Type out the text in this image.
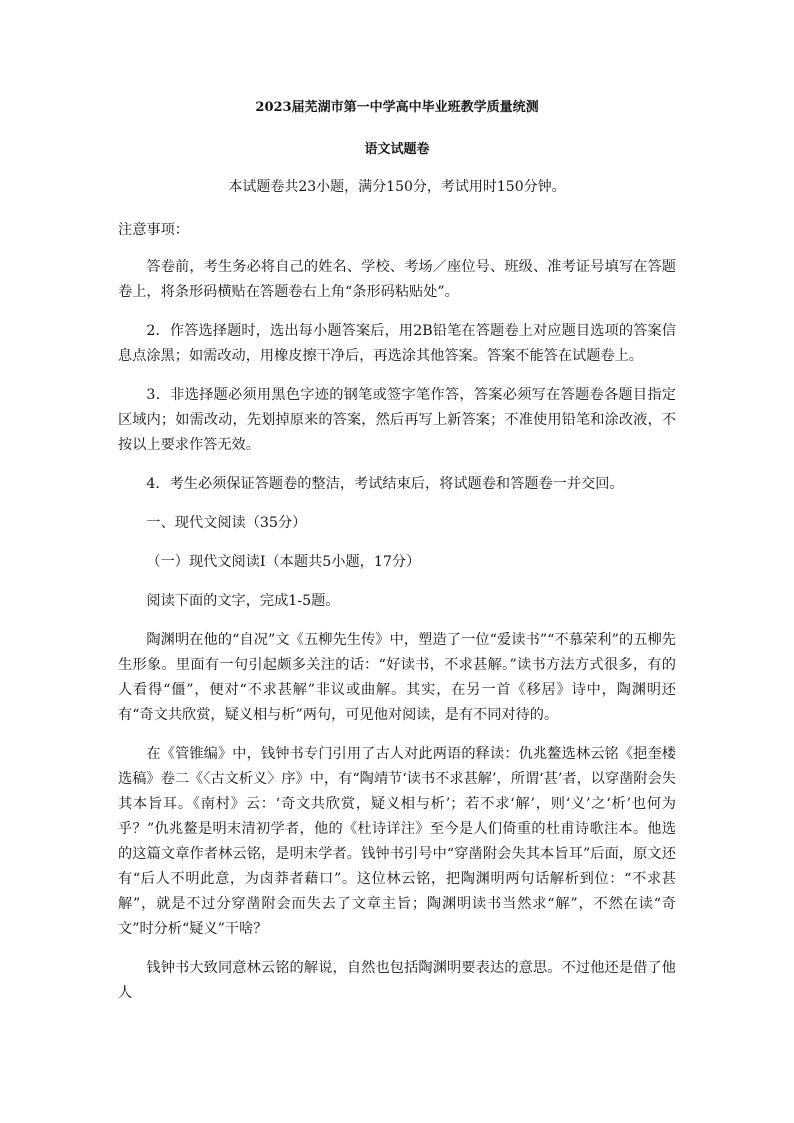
2023届芜湖市第一中学高中毕业班教学质量统测
语文试题卷
本试题卷共23小题，满分150分，考试用时150分钟。

注意事项：

答卷前，考生务必将自己的姓名、学校、考场／座位号、班级、准考证号填写在答题卷上，将条形码横贴在答题卷右上角“条形码粘贴处”。

2．作答选择题时，选出每小题答案后，用2B铅笔在答题卷上对应题目选项的答案信息点涂黑；如需改动，用橡皮擦干净后，再选涂其他答案。答案不能答在试题卷上。

3．非选择题必须用黑色字迹的钢笔或签字笔作答，答案必须写在答题卷各题目指定区域内；如需改动，先划掉原来的答案，然后再写上新答案；不准使用铅笔和涂改液，不按以上要求作答无效。

4．考生必须保证答题卷的整洁，考试结束后，将试题卷和答题卷一并交回。

一、现代文阅读（35分）

（一）现代文阅读I（本题共5小题，17分）

阅读下面的文字，完成1-5题。

陶渊明在他的“自况”文《五柳先生传》中，塑造了一位“爱读书”“不慕荣利”的五柳先生形象。里面有一句引起颇多关注的话：“好读书，不求甚解。”读书方法方式很多，有的人看得“僵”，便对“不求甚解”非议或曲解。其实，在另一首《移居》诗中，陶渊明还有“奇文共欣赏，疑义相与析”两句，可见他对阅读，是有不同对待的。

在《管锥编》中，钱钟书专门引用了古人对此两语的释读：仇兆鳌选林云铭《挹奎楼选稿》卷二《〈古文析义〉序》中，有“陶靖节‘读书不求甚解’，所谓‘甚’者，以穿凿附会失其本旨耳。《南村》云：‘奇文共欣赏，疑义相与析’；若不求‘解’，则‘义’之‘析’也何为乎？”仇兆鳌是明末清初学者，他的《杜诗详注》至今是人们倚重的杜甫诗歌注本。他选的这篇文章作者林云铭，是明末学者。钱钟书引号中“穿凿附会失其本旨耳”后面，原文还有“后人不明此意，为卤莽者藉口”。这位林云铭，把陶渊明两句话解析到位：“不求甚解”，就是不过分穿凿附会而失去了文章主旨；陶渊明读书当然求“解”，不然在读“奇文”时分析“疑义”干啥？

钱钟书大致同意林云铭的解说，自然也包括陶渊明要表达的意思。不过他还是借了他人
